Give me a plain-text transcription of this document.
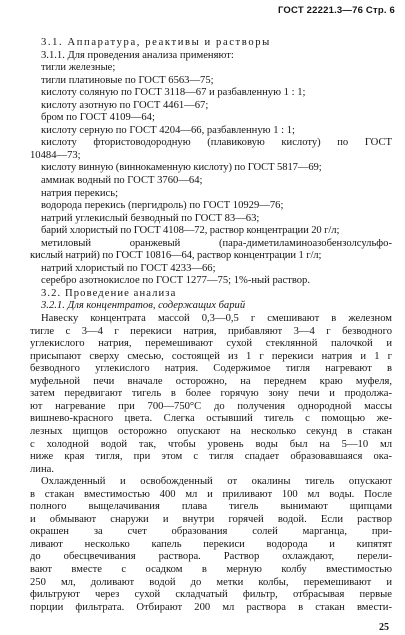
ГОСТ 22221.3—76 Стр. 6
3.1. Аппаратура, реактивы и растворы
3.1.1. Для проведения анализа применяют:
тигли железные;
тигли платиновые по ГОСТ 6563—75;
кислоту соляную по ГОСТ 3118—67 и разбавленную 1 : 1;
кислоту азотную по ГОСТ 4461—67;
бром по ГОСТ 4109—64;
кислоту серную по ГОСТ 4204—66, разбавленную 1 : 1;
кислоту фтористоводородную (плавиковую кислоту) по ГОСТ
10484—73;
кислоту винную (виннокаменную кислоту) по ГОСТ 5817—69;
аммиак водный по ГОСТ 3760—64;
натрия перекись;
водорода перекись (пергидроль) по ГОСТ 10929—76;
натрий углекислый безводный по ГОСТ 83—63;
барий хлористый по ГОСТ 4108—72, раствор концентрации 20 г/л;
метиловый оранжевый (пара-диметиламиноазобензолсульфо-
кислый натрий) по ГОСТ 10816—64, раствор концентрации 1 г/л;
натрий хлористый по ГОСТ 4233—66;
серебро азотнокислое по ГОСТ 1277—75; 1%-ный раствор.
3.2. Проведение анализа
3.2.1. Для концентратов, содержащих барий
Навеску концентрата массой 0,3—0,5 г смешивают в железном
тигле с 3—4 г перекиси натрия, прибавляют 3—4 г безводного
углекислого натрия, перемешивают сухой стеклянной палочкой и
присыпают сверху смесью, состоящей из 1 г перекиси натрия и 1 г
безводного углекислого натрия. Содержимое тигля нагревают в
муфельной печи вначале осторожно, на переднем краю муфеля,
затем передвигают тигель в более горячую зону печи и продолжа-
ют нагревание при 700—750°С до получения однородной массы
вишнево-красного цвета. Слегка остывший тигель с помощью же-
лезных щипцов осторожно опускают на несколько секунд в стакан
с холодной водой так, чтобы уровень воды был на 5—10 мл
ниже края тигля, при этом с тигля спадает образовавшаяся ока-
лина.
Охлажденный и освобожденный от окалины тигель опускают
в стакан вместимостью 400 мл и приливают 100 мл воды. После
полного выщелачивания плава тигель вынимают щипцами
и обмывают снаружи и внутри горячей водой. Если раствор
окрашен за счет образования солей марганца, при-
ливают несколько капель перекиси водорода и кипятят
до обесцвечивания раствора. Раствор охлаждают, перели-
вают вместе с осадком в мерную колбу вместимостью
250 мл, доливают водой до метки колбы, перемешивают и
фильтруют через сухой складчатый фильтр, отбрасывая первые
порции фильтрата. Отбирают 200 мл раствора в стакан вмести-
25
